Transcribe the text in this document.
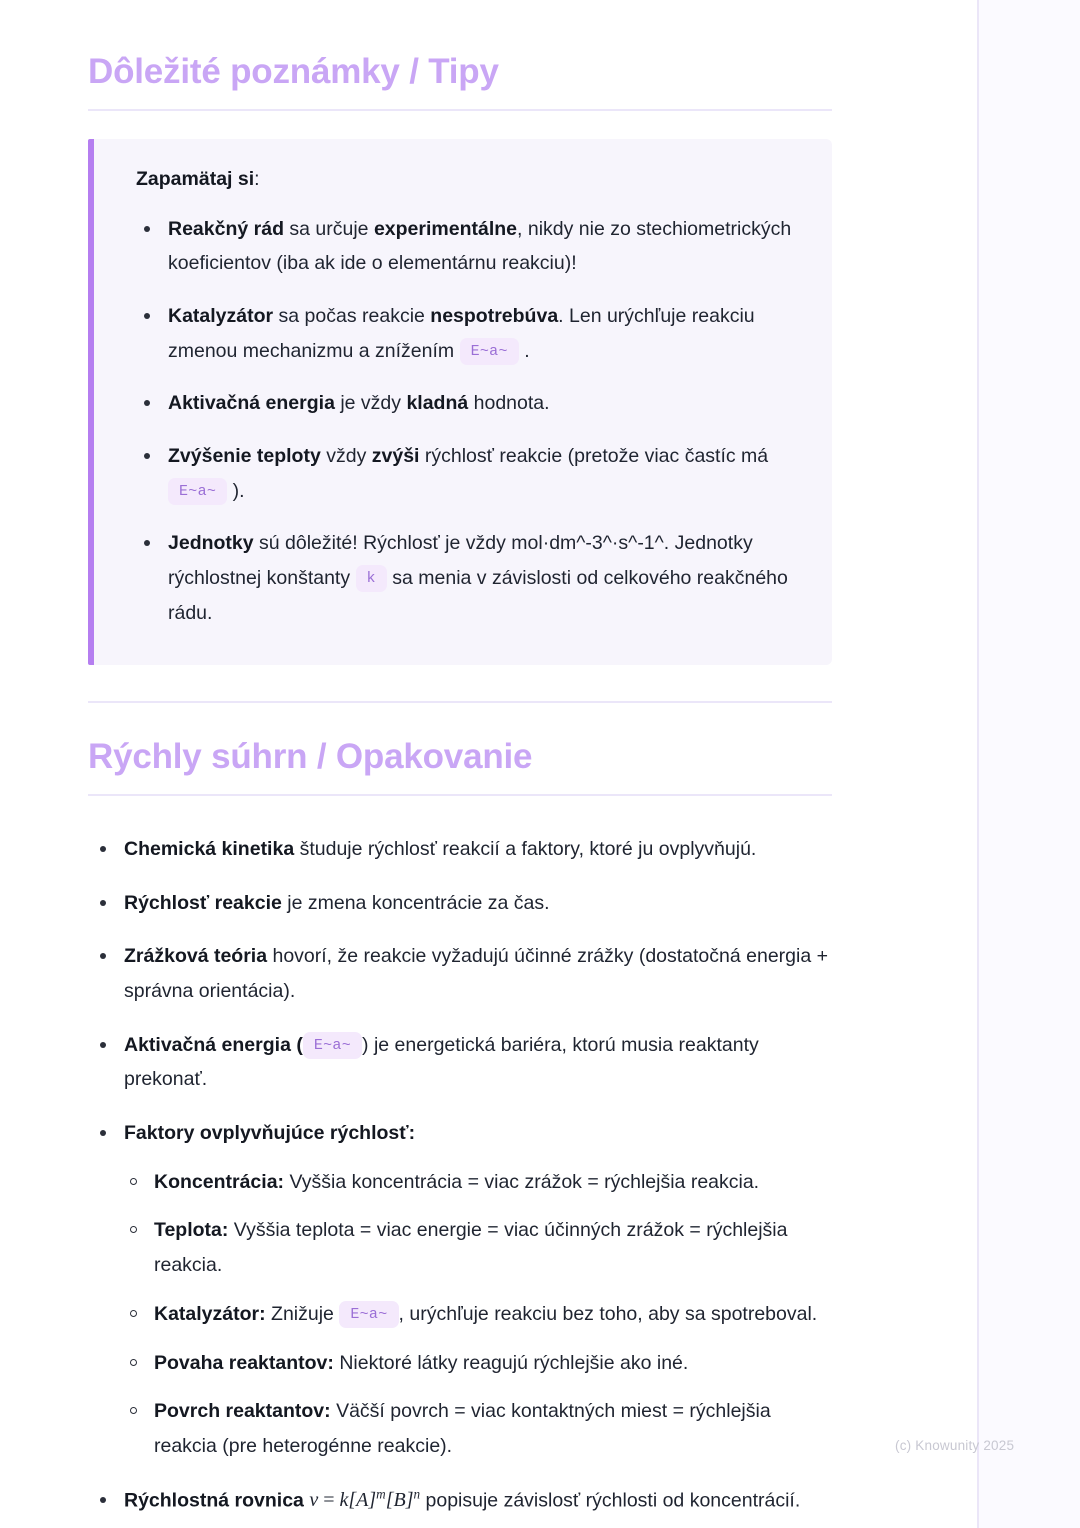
Dôležité poznámky / Tipy

Zapamätaj si:

Reakčný rád sa určuje experimentálne, nikdy nie zo stechiometrických koeficientov (iba ak ide o elementárnu reakciu)!
Katalyzátor sa počas reakcie nespotrebúva. Len urýchľuje reakciu zmenou mechanizmu a znížením E~a~ .
Aktivačná energia je vždy kladná hodnota.
Zvýšenie teploty vždy zvýši rýchlosť reakcie (pretože viac častíc má E~a~ ).
Jednotky sú dôležité! Rýchlosť je vždy mol·dm^-3^·s^-1^. Jednotky rýchlostnej konštanty k sa menia v závislosti od celkového reakčného rádu.
Rýchly súhrn / Opakovanie
Chemická kinetika študuje rýchlosť reakcií a faktory, ktoré ju ovplyvňujú.
Rýchlosť reakcie je zmena koncentrácie za čas.
Zrážková teória hovorí, že reakcie vyžadujú účinné zrážky (dostatočná energia + správna orientácia).
Aktivačná energia ( E~a~ ) je energetická bariéra, ktorú musia reaktanty prekonať.
Faktory ovplyvňujúce rýchlosť:
Koncentrácia: Vyššia koncentrácia = viac zrážok = rýchlejšia reakcia.
Teplota: Vyššia teplota = viac energie = viac účinných zrážok = rýchlejšia reakcia.
Katalyzátor: Znižuje E~a~ , urýchľuje reakciu bez toho, aby sa spotreboval.
Povaha reaktantov: Niektoré látky reagujú rýchlejšie ako iné.
Povrch reaktantov: Väčší povrch = viac kontaktných miest = rýchlejšia reakcia (pre heterogénne reakcie).
Rýchlostná rovnica $v = k[A]^m[B]^n$ popisuje závislosť rýchlosti od koncentrácií.
(c) Knowunity 2025
